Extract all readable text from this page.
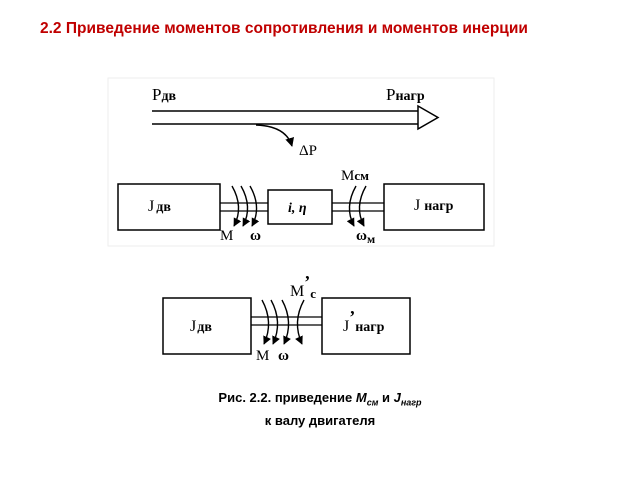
2.2 Приведение моментов сопротивления и моментов инерции
Pдв	Pнагр
ΔP
J дв	i, η	J нагр
Mсм
M ω	$\omega_м$
Jдв	J’нагр
$M’_c$
M ω
Рис. 2.2. приведение $M_{см}$ и $J_{нагр}$
к валу двигателя
